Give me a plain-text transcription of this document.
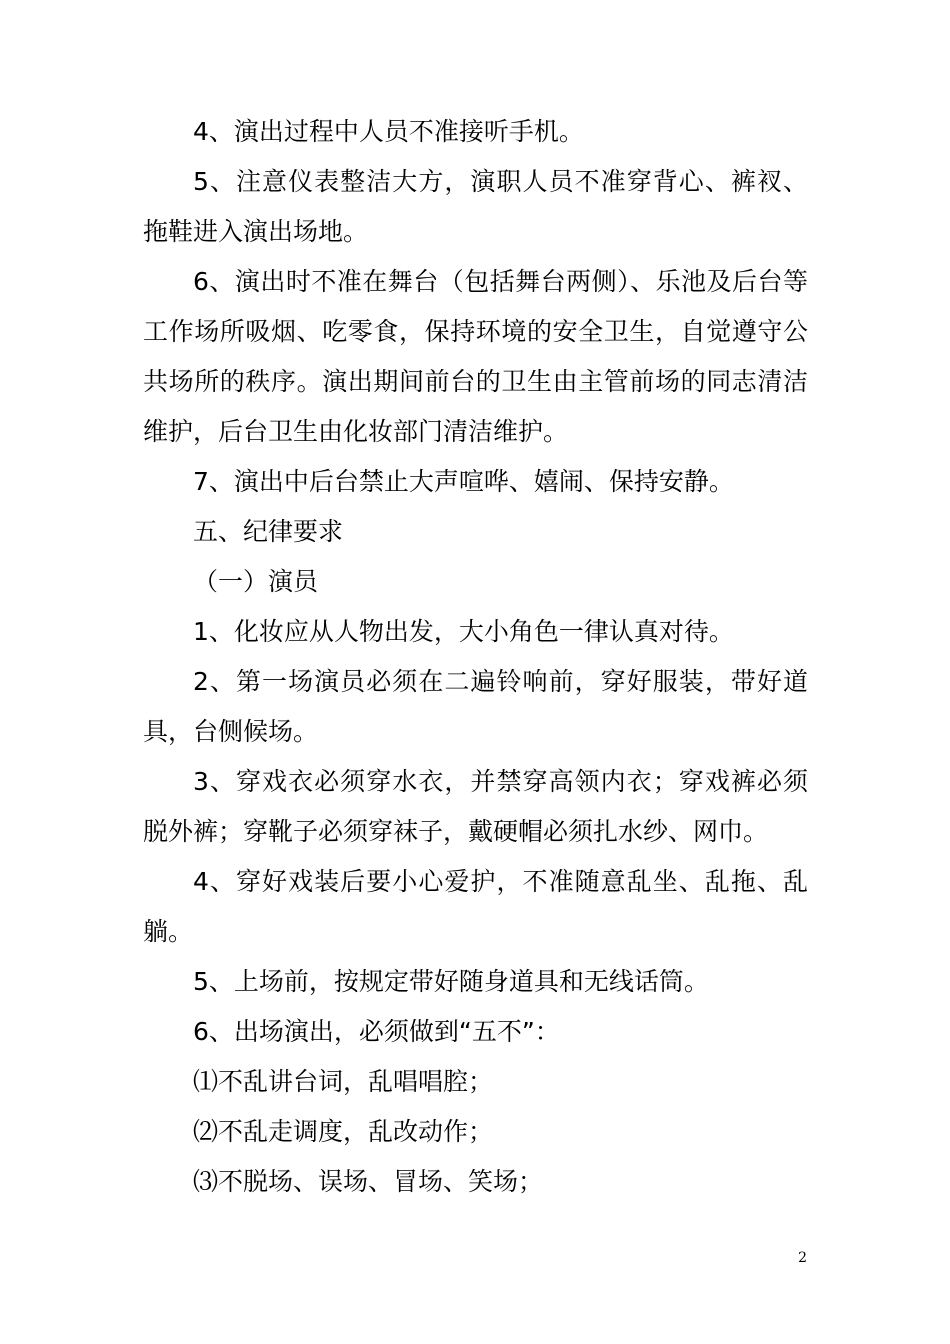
4、演出过程中人员不准接听手机。

5、注意仪表整洁大方，演职人员不准穿背心、裤衩、拖鞋进入演出场地。

6、演出时不准在舞台（包括舞台两侧）、乐池及后台等工作场所吸烟、吃零食，保持环境的安全卫生，自觉遵守公共场所的秩序。演出期间前台的卫生由主管前场的同志清洁维护，后台卫生由化妆部门清洁维护。

7、演出中后台禁止大声喧哗、嬉闹、保持安静。

五、纪律要求

（一）演员

1、化妆应从人物出发，大小角色一律认真对待。

2、第一场演员必须在二遍铃响前，穿好服装，带好道具，台侧候场。

3、穿戏衣必须穿水衣，并禁穿高领内衣；穿戏裤必须脱外裤；穿靴子必须穿袜子，戴硬帽必须扎水纱、网巾。

4、穿好戏装后要小心爱护，不准随意乱坐、乱拖、乱躺。

5、上场前，按规定带好随身道具和无线话筒。

6、出场演出，必须做到“五不”：

⑴不乱讲台词，乱唱唱腔；

⑵不乱走调度，乱改动作；

⑶不脱场、误场、冒场、笑场；

2
